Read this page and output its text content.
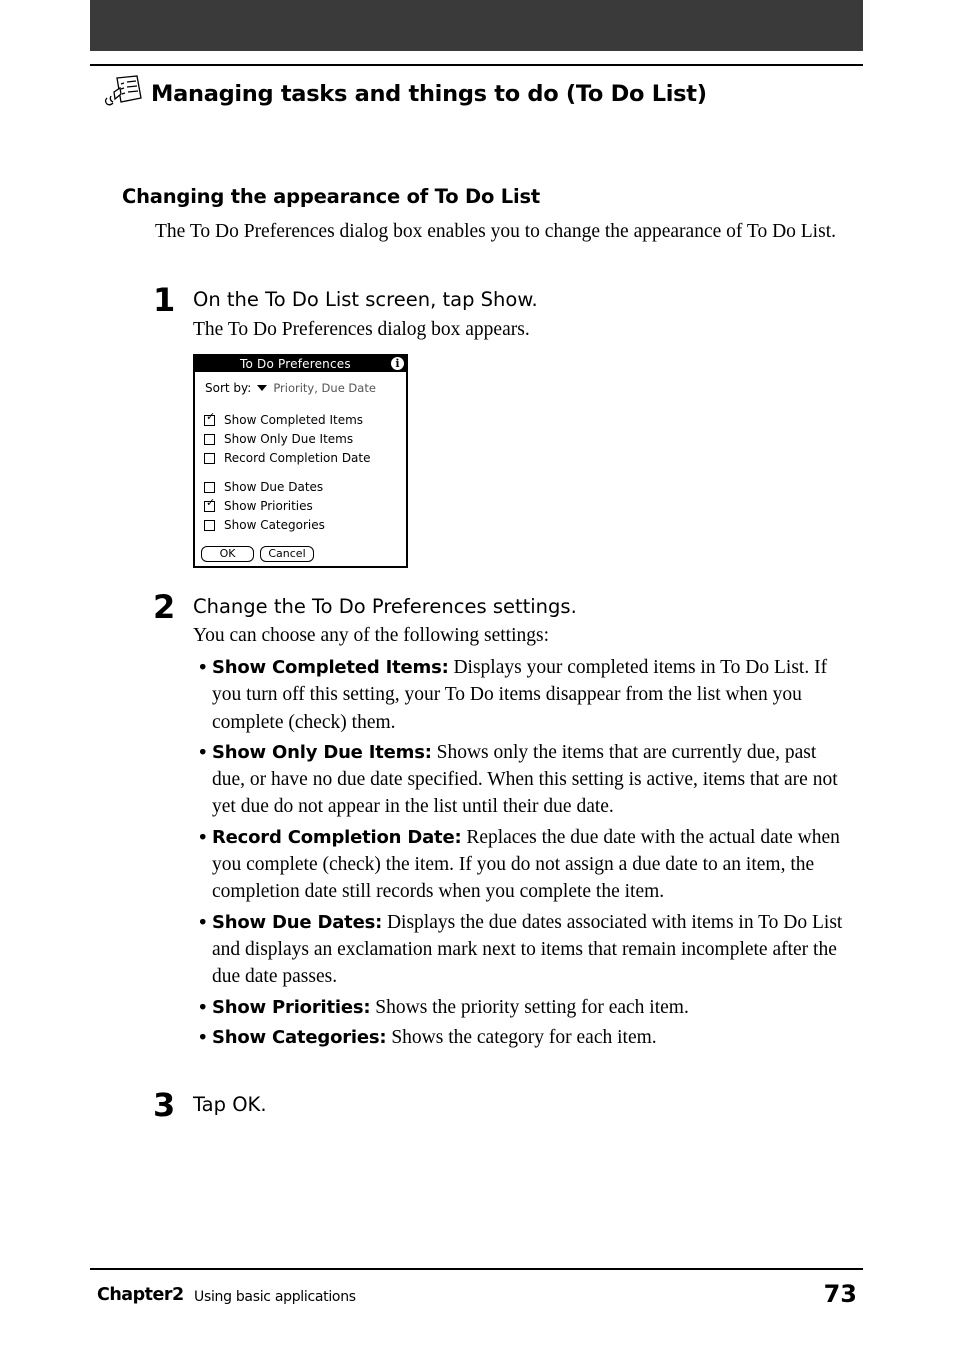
Managing tasks and things to do (To Do List)
Changing the appearance of To Do List
The To Do Preferences dialog box enables you to change the appearance of To Do List.
1 On the To Do List screen, tap Show.
The To Do Preferences dialog box appears.
To Do Preferences	i
Sort by: Priority, Due Date
✓ Show Completed Items
Show Only Due Items
Record Completion Date
Show Due Dates
✓ Show Priorities
Show Categories
OK	Cancel
2 Change the To Do Preferences settings.
You can choose any of the following settings:
• Show Completed Items: Displays your completed items in To Do List. If you turn off this setting, your To Do items disappear from the list when you complete (check) them.
• Show Only Due Items: Shows only the items that are currently due, past due, or have no due date specified. When this setting is active, items that are not yet due do not appear in the list until their due date.
• Record Completion Date: Replaces the due date with the actual date when you complete (check) the item. If you do not assign a due date to an item, the completion date still records when you complete the item.
• Show Due Dates: Displays the due dates associated with items in To Do List and displays an exclamation mark next to items that remain incomplete after the due date passes.
• Show Priorities: Shows the priority setting for each item.
• Show Categories: Shows the category for each item.
3 Tap OK.
Chapter2 Using basic applications	73
